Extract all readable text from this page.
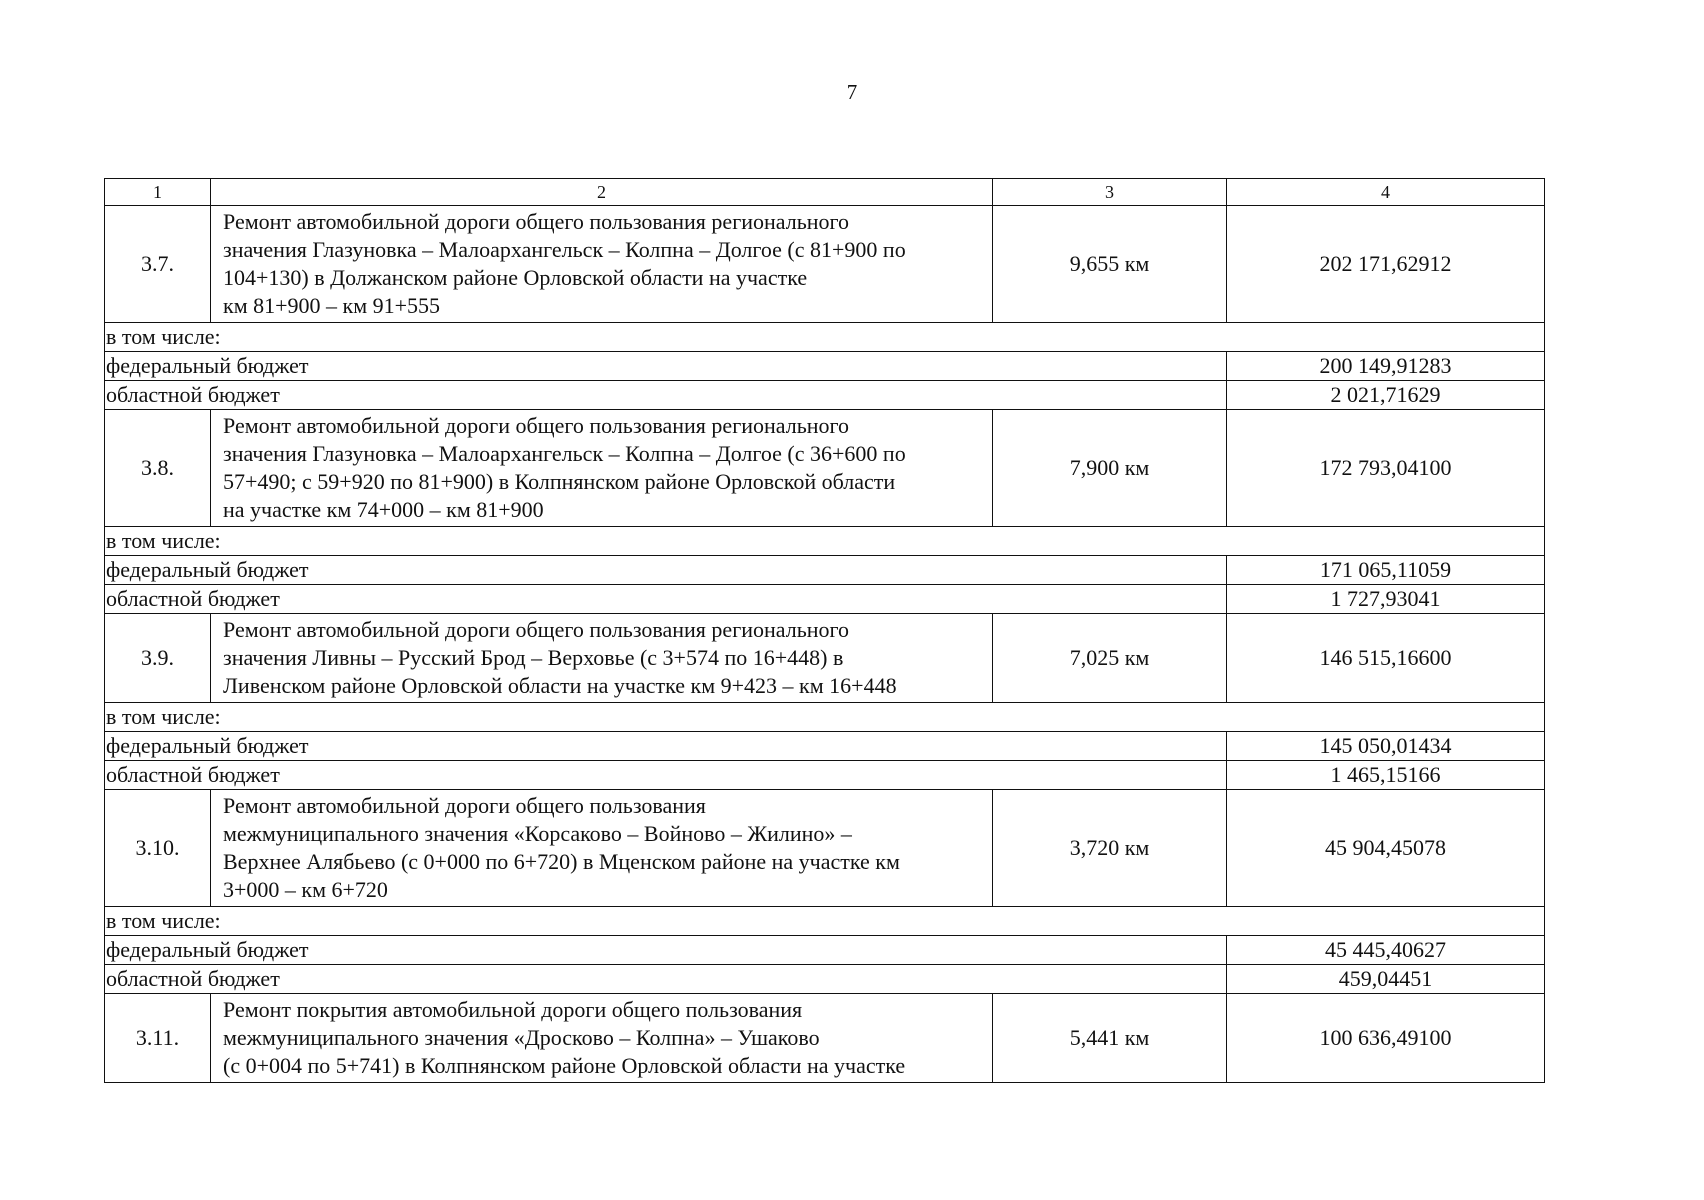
7
1	2	3	4
3.7.	Ремонт автомобильной дороги общего пользования регионального
значения Глазуновка – Малоархангельск – Колпна – Долгое (с 81+900 по
104+130) в Должанском районе Орловской области на участке
км 81+900 – км 91+555	9,655 км	202 171,62912
в том числе:			
федеральный бюджет			200 149,91283
областной бюджет			2 021,71629
3.8.	Ремонт автомобильной дороги общего пользования регионального
значения Глазуновка – Малоархангельск – Колпна – Долгое (с 36+600 по
57+490; с 59+920 по 81+900) в Колпнянском районе Орловской области
на участке км 74+000 – км 81+900	7,900 км	172 793,04100
в том числе:			
федеральный бюджет			171 065,11059
областной бюджет			1 727,93041
3.9.	Ремонт автомобильной дороги общего пользования регионального
значения Ливны – Русский Брод – Верховье (с 3+574 по 16+448) в
Ливенском районе Орловской области на участке км 9+423 – км 16+448	7,025 км	146 515,16600
в том числе:			
федеральный бюджет			145 050,01434
областной бюджет			1 465,15166
3.10.	Ремонт автомобильной дороги общего пользования
межмуниципального значения «Корсаково – Войново – Жилино» –
Верхнее Алябьево (с 0+000 по 6+720) в Мценском районе на участке км
3+000 – км 6+720	3,720 км	45 904,45078
в том числе:			
федеральный бюджет			45 445,40627
областной бюджет			459,04451
3.11.	Ремонт покрытия автомобильной дороги общего пользования
межмуниципального значения «Дросково – Колпна» – Ушаково
(с 0+004 по 5+741) в Колпнянском районе Орловской области на участке	5,441 км	100 636,49100
